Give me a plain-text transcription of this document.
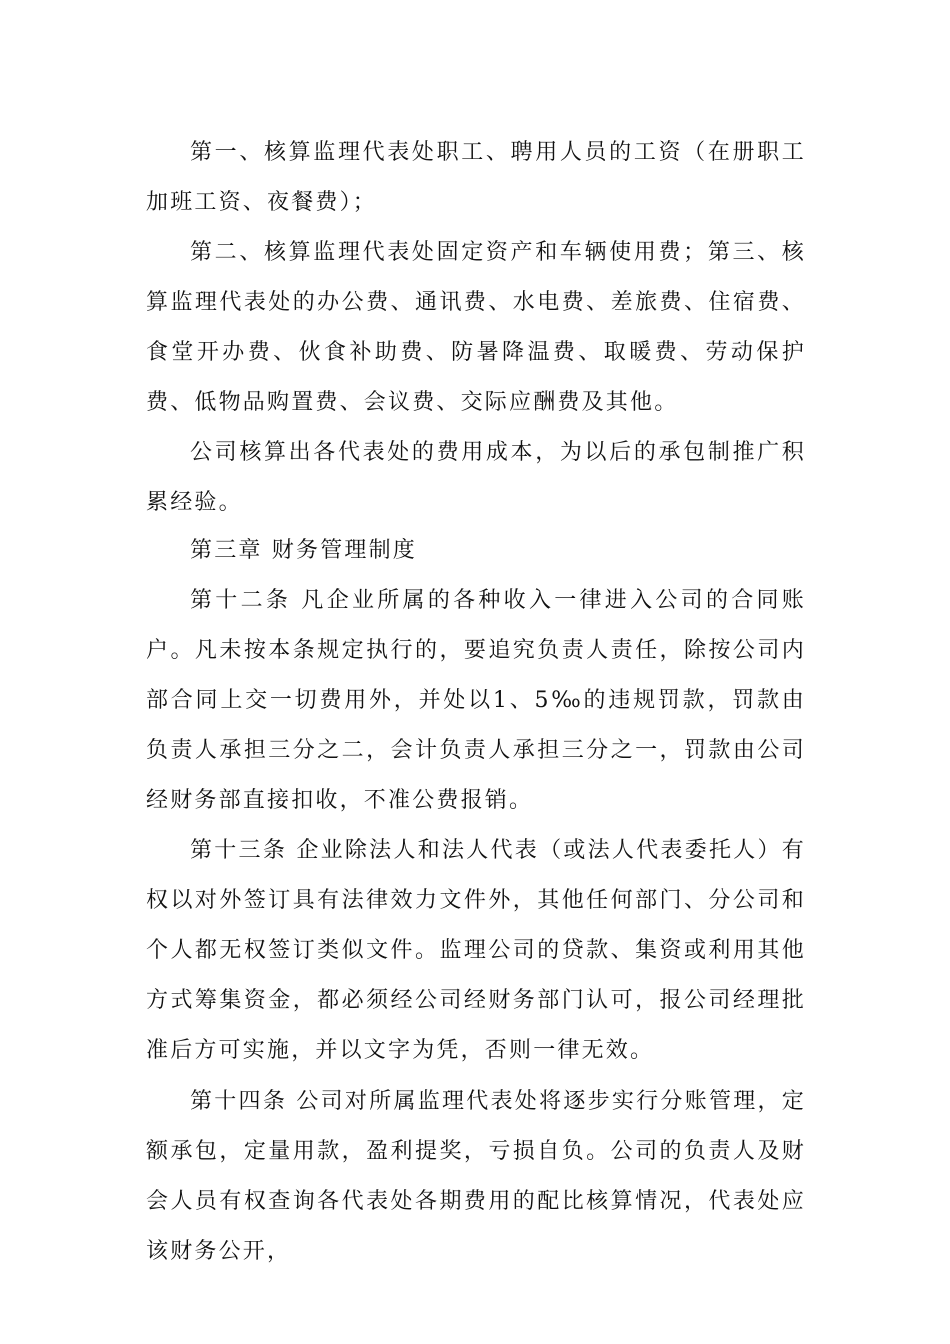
第一、核算监理代表处职工、聘用人员的工资（在册职工加班工资、夜餐费）；

第二、核算监理代表处固定资产和车辆使用费；第三、核算监理代表处的办公费、通讯费、水电费、差旅费、住宿费、食堂开办费、伙食补助费、防暑降温费、取暖费、劳动保护费、低物品购置费、会议费、交际应酬费及其他。

公司核算出各代表处的费用成本，为以后的承包制推广积累经验。

第三章 财务管理制度

第十二条 凡企业所属的各种收入一律进入公司的合同账户。凡未按本条规定执行的，要追究负责人责任，除按公司内部合同上交一切费用外，并处以1、5‰的违规罚款，罚款由负责人承担三分之二，会计负责人承担三分之一，罚款由公司经财务部直接扣收，不准公费报销。

第十三条 企业除法人和法人代表（或法人代表委托人）有权以对外签订具有法律效力文件外，其他任何部门、分公司和个人都无权签订类似文件。监理公司的贷款、集资或利用其他方式筹集资金，都必须经公司经财务部门认可，报公司经理批准后方可实施，并以文字为凭，否则一律无效。

第十四条 公司对所属监理代表处将逐步实行分账管理，定额承包，定量用款，盈利提奖，亏损自负。公司的负责人及财会人员有权查询各代表处各期费用的配比核算情况，代表处应该财务公开，
